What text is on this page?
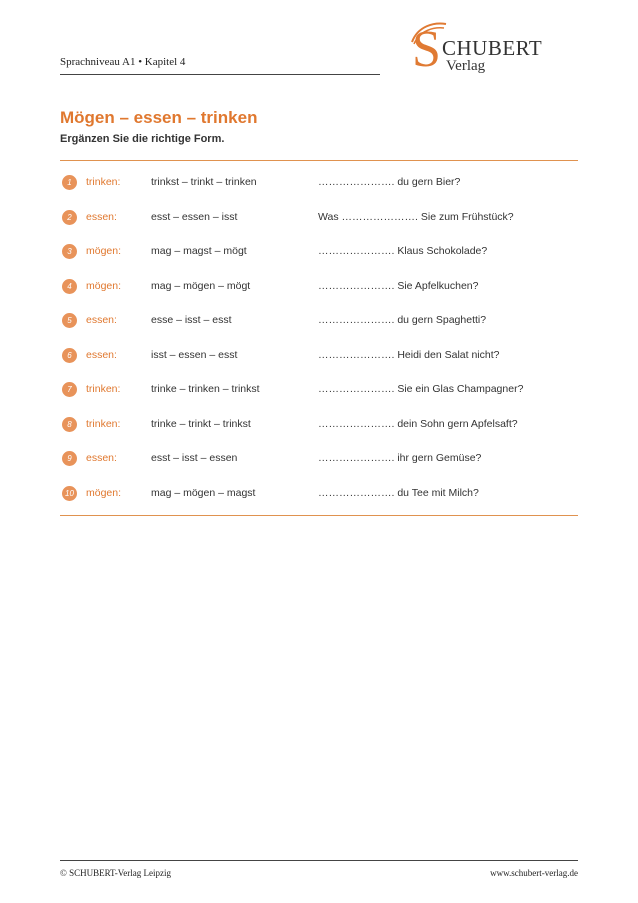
Sprachniveau A1 • Kapitel 4	S CHUBERT
Verlag
Mögen – essen – trinken
Ergänzen Sie die richtige Form.
1	trinken:	trinkst – trinkt – trinken	…………………. du gern Bier?
2	essen:	esst – essen – isst	Was …………………. Sie zum Frühstück?
3	mögen:	mag – magst – mögt	…………………. Klaus Schokolade?
4	mögen:	mag – mögen – mögt	…………………. Sie Apfelkuchen?
5	essen:	esse – isst – esst	…………………. du gern Spaghetti?
6	essen:	isst – essen – esst	…………………. Heidi den Salat nicht?
7	trinken:	trinke – trinken – trinkst	…………………. Sie ein Glas Champagner?
8	trinken:	trinke – trinkt – trinkst	…………………. dein Sohn gern Apfelsaft?
9	essen:	esst – isst – essen	…………………. ihr gern Gemüse?
10 mögen:	mag – mögen – magst	…………………. du Tee mit Milch?
© SCHUBERT-Verlag Leipzig	www.schubert-verlag.de
